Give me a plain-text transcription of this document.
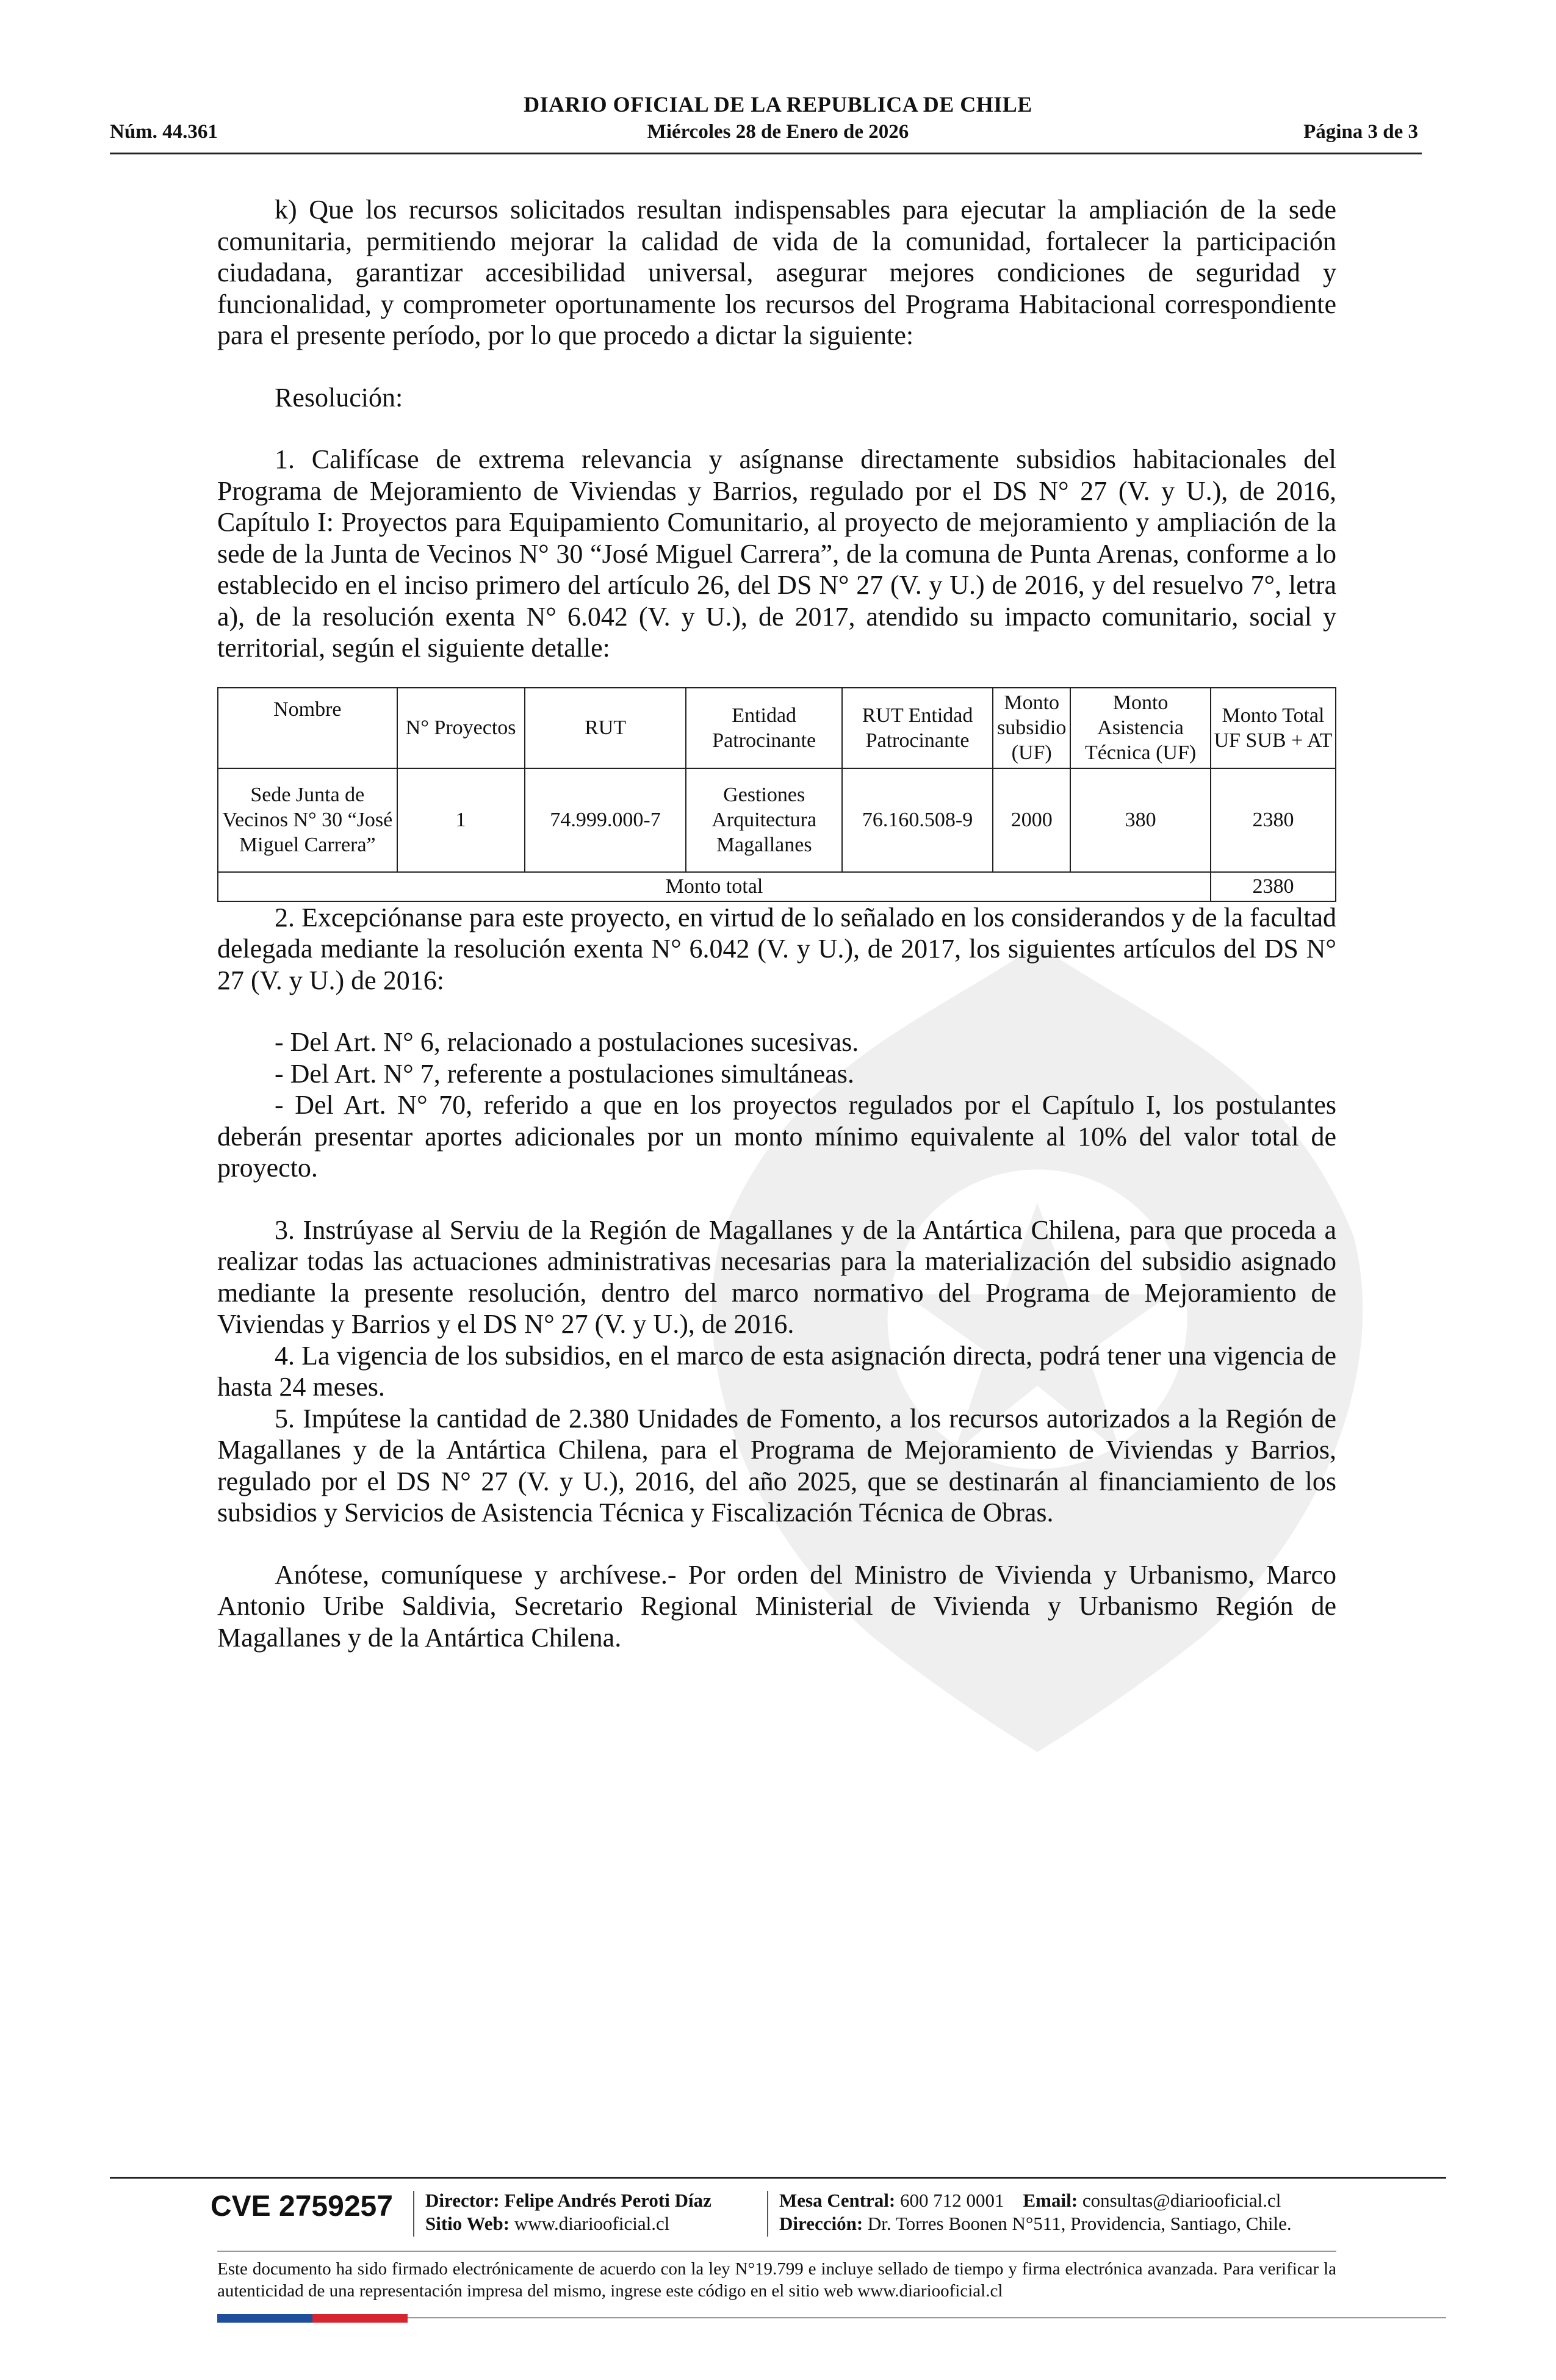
DIARIO OFICIAL DE LA REPUBLICA DE CHILE
Núm. 44.361	Miércoles 28 de Enero de 2026	Página 3 de 3

k) Que los recursos solicitados resultan indispensables para ejecutar la ampliación de la sede comunitaria, permitiendo mejorar la calidad de vida de la comunidad, fortalecer la participación ciudadana, garantizar accesibilidad universal, asegurar mejores condiciones de seguridad y funcionalidad, y comprometer oportunamente los recursos del Programa Habitacional correspondiente para el presente período, por lo que procedo a dictar la siguiente:

Resolución:

1. Califícase de extrema relevancia y asígnanse directamente subsidios habitacionales del Programa de Mejoramiento de Viviendas y Barrios, regulado por el DS N° 27 (V. y U.), de 2016, Capítulo I: Proyectos para Equipamiento Comunitario, al proyecto de mejoramiento y ampliación de la sede de la Junta de Vecinos N° 30 “José Miguel Carrera”, de la comuna de Punta Arenas, conforme a lo establecido en el inciso primero del artículo 26, del DS N° 27 (V. y U.) de 2016, y del resuelvo 7°, letra a), de la resolución exenta N° 6.042 (V. y U.), de 2017, atendido su impacto comunitario, social y territorial, según el siguiente detalle:

Nombre	N° Proyectos	RUT	Entidad Patrocinante	RUT Entidad Patrocinante	Monto subsidio (UF)	Monto Asistencia Técnica (UF)	Monto Total UF SUB + AT
Sede Junta de Vecinos N° 30 “José Miguel Carrera”	1	74.999.000-7	Gestiones Arquitectura Magallanes	76.160.508-9	2000	380	2380
Monto total							2380

2. Excepciónanse para este proyecto, en virtud de lo señalado en los considerandos y de la facultad delegada mediante la resolución exenta N° 6.042 (V. y U.), de 2017, los siguientes artículos del DS N° 27 (V. y U.) de 2016:

- Del Art. N° 6, relacionado a postulaciones sucesivas.

- Del Art. N° 7, referente a postulaciones simultáneas.

- Del Art. N° 70, referido a que en los proyectos regulados por el Capítulo I, los postulantes deberán presentar aportes adicionales por un monto mínimo equivalente al 10% del valor total de proyecto.

3. Instrúyase al Serviu de la Región de Magallanes y de la Antártica Chilena, para que proceda a realizar todas las actuaciones administrativas necesarias para la materialización del subsidio asignado mediante la presente resolución, dentro del marco normativo del Programa de Mejoramiento de Viviendas y Barrios y el DS N° 27 (V. y U.), de 2016.

4. La vigencia de los subsidios, en el marco de esta asignación directa, podrá tener una vigencia de hasta 24 meses.

5. Impútese la cantidad de 2.380 Unidades de Fomento, a los recursos autorizados a la Región de Magallanes y de la Antártica Chilena, para el Programa de Mejoramiento de Viviendas y Barrios, regulado por el DS N° 27 (V. y U.), 2016, del año 2025, que se destinarán al financiamiento de los subsidios y Servicios de Asistencia Técnica y Fiscalización Técnica de Obras.

Anótese, comuníquese y archívese.- Por orden del Ministro de Vivienda y Urbanismo, Marco Antonio Uribe Saldivia, Secretario Regional Ministerial de Vivienda y Urbanismo Región de Magallanes y de la Antártica Chilena.

CVE 2759257 Director: Felipe Andrés Peroti Díaz
Sitio Web: www.diariooficial.cl
Mesa Central: 600 712 0001 Email: consultas@diariooficial.cl
Dirección: Dr. Torres Boonen N°511, Providencia, Santiago, Chile.
Este documento ha sido firmado electrónicamente de acuerdo con la ley N°19.799 e incluye sellado de tiempo y firma electrónica avanzada. Para verificar la autenticidad de una representación impresa del mismo, ingrese este código en el sitio web www.diariooficial.cl
